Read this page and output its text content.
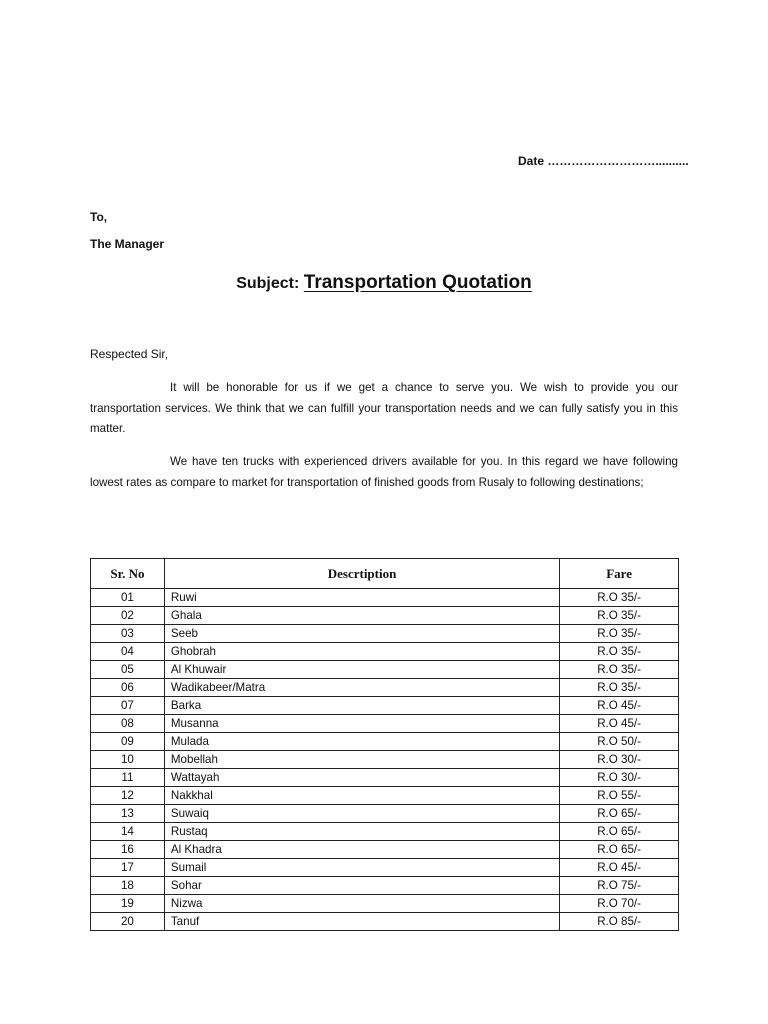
Date ………………………..........
To,
The Manager
Subject: Transportation Quotation
Respected Sir,

It will be honorable for us if we get a chance to serve you. We wish to provide you our transportation services. We think that we can fulfill your transportation needs and we can fully satisfy you in this matter.

We have ten trucks with experienced drivers available for you. In this regard we have following lowest rates as compare to market for transportation of finished goods from Rusaly to following destinations;

Sr. No	Descrtiption	Fare
01	Ruwi	R.O 35/-
02	Ghala	R.O 35/-
03	Seeb	R.O 35/-
04	Ghobrah	R.O 35/-
05	Al Khuwair	R.O 35/-
06	Wadikabeer/Matra	R.O 35/-
07	Barka	R.O 45/-
08	Musanna	R.O 45/-
09	Mulada	R.O 50/-
10	Mobellah	R.O 30/-
11	Wattayah	R.O 30/-
12	Nakkhal	R.O 55/-
13	Suwaiq	R.O 65/-
14	Rustaq	R.O 65/-
16	Al Khadra	R.O 65/-
17	Sumail	R.O 45/-
18	Sohar	R.O 75/-
19	Nizwa	R.O 70/-
20	Tanuf	R.O 85/-
